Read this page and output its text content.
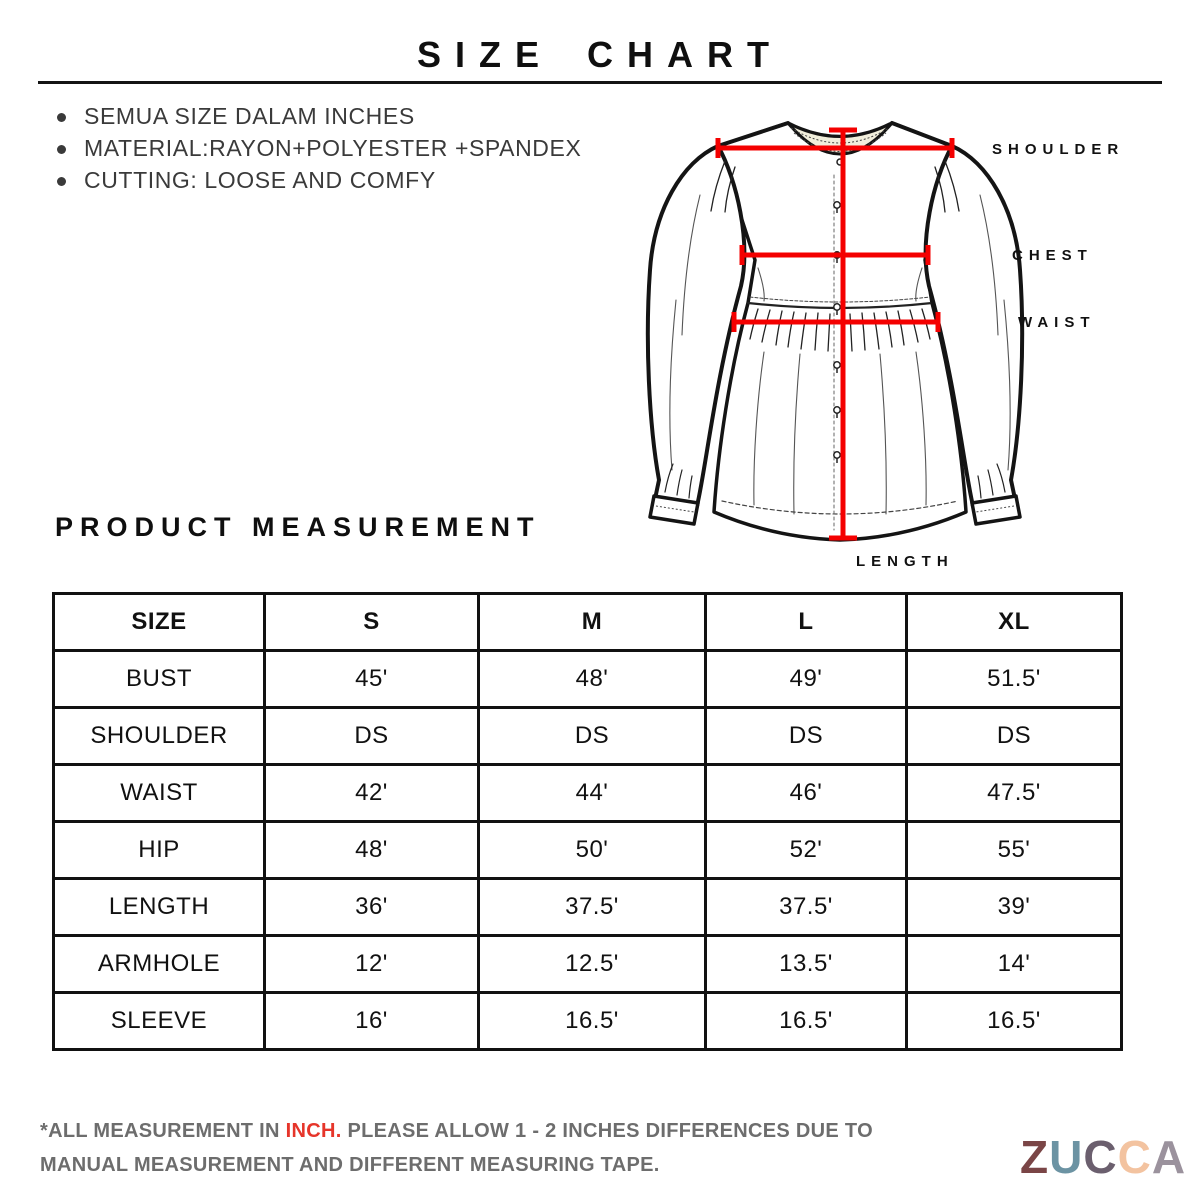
SIZE CHART
SEMUA SIZE DALAM INCHES
MATERIAL:RAYON+POLYESTER +SPANDEX
CUTTING: LOOSE AND COMFY
SHOULDER
CHEST
WAIST
LENGTH
PRODUCT MEASUREMENT
SIZE	S	M	L	XL
BUST	45'	48'	49'	51.5'
SHOULDER	DS	DS	DS	DS
WAIST	42'	44'	46'	47.5'
HIP	48'	50'	52'	55'
LENGTH	36'	37.5'	37.5'	39'
ARMHOLE	12'	12.5'	13.5'	14'
SLEEVE	16'	16.5'	16.5'	16.5'
*ALL MEASUREMENT IN INCH. PLEASE ALLOW 1 - 2 INCHES DIFFERENCES DUE TO MANUAL MEASUREMENT AND DIFFERENT MEASURING TAPE.	ZUCCA
